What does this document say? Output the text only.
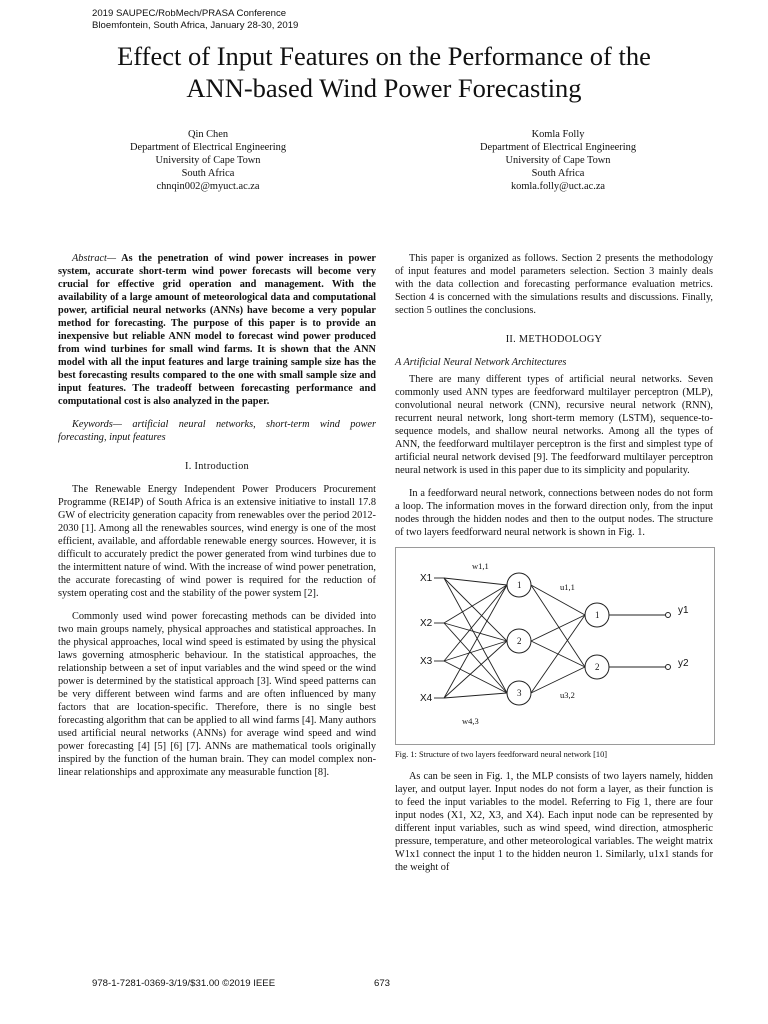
2019 SAUPEC/RobMech/PRASA Conference
Bloemfontein, South Africa, January 28-30, 2019
Effect of Input Features on the Performance of the
ANN-based Wind Power Forecasting
Qin Chen
Department of Electrical Engineering
University of Cape Town
South Africa
chnqin002@myuct.ac.za
Komla Folly
Department of Electrical Engineering
University of Cape Town
South Africa
komla.folly@uct.ac.za

Abstract— As the penetration of wind power increases in power system, accurate short-term wind power forecasts will become very crucial for effective grid operation and management. With the availability of a large amount of meteorological data and computational power, artificial neural networks (ANNs) have become a very popular method for forecasting. The purpose of this paper is to provide an inexpensive but reliable ANN model to forecast wind power produced from wind turbines for small wind farms. It is shown that the ANN model with all the input features and large training sample size has the best forecasting results compared to the one with small sample size and input features. The tradeoff between forecasting performance and computational cost is also analyzed in the paper.

Keywords— artificial neural networks, short-term wind power forecasting, input features

I. Introduction

The Renewable Energy Independent Power Producers Procurement Programme (REI4P) of South Africa is an extensive initiative to install 17.8 GW of electricity generation capacity from renewables over the period 2012-2030 [1]. Among all the renewables sources, wind energy is one of the most efficient, available, and affordable renewable energy sources. However, it is difficult to accurately predict the power generated from wind turbines due to the intermittent nature of wind. With the increase of wind power penetration, the accurate forecasting of wind power is required for the reduction of system operating cost and the stability of the power system [2].

Commonly used wind power forecasting methods can be divided into two main groups namely, physical approaches and statistical approaches. In the physical approaches, local wind speed is estimated by using the physical laws governing atmospheric behaviour. In the statistical approaches, the relationship between a set of input variables and the wind speed or the wind power is determined by the statistical approach [3]. Wind speed patterns can be very different between wind farms and are often influenced by many factors that are location-specific. Therefore, there is no single best forecasting algorithm that can be applied to all wind farms [4]. Many authors used artificial neural networks (ANNs) for average wind speed and wind power forecasting [4] [5] [6] [7]. ANNs are mathematical tools originally inspired by the function of the human brain. They can model complex non-linear relationships and approximate any measurable function [8].

This paper is organized as follows. Section 2 presents the methodology of input features and model parameters selection. Section 3 mainly deals with the data collection and forecasting performance evaluation metrics. Section 4 is concerned with the simulations results and discussions. Finally, section 5 outlines the conclusions.

II. METHODOLOGY
A Artificial Neural Network Architectures

There are many different types of artificial neural networks. Seven commonly used ANN types are feedforward multilayer perceptron (MLP), convolutional neural network (CNN), recursive neural network (RNN), recurrent neural network, long short-term memory (LSTM), sequence-to-sequence models, and shallow neural networks. Among all the types of ANN, the feedforward multilayer perceptron is the first and simplest type of artificial neural network devised [9]. The feedforward multilayer perceptron neural network is used in this paper due to its simplicity and popularity.

In a feedforward neural network, connections between nodes do not form a loop. The information moves in the forward direction only, from the input nodes through the hidden nodes and then to the output nodes. The structure of two layers feedforward neural network is shown in Fig. 1.

X1
X2
X3
X4
1
2
3
1
2
y1
y2
w1,1
w4,3
u1,1
u3,2

Fig. 1: Structure of two layers feedforward neural network [10]

As can be seen in Fig. 1, the MLP consists of two layers namely, hidden layer, and output layer. Input nodes do not form a layer, as their function is to feed the input variables to the model. Referring to Fig 1, there are four input nodes (X1, X2, X3, and X4). Each input node can be represented by different input variables, such as wind speed, wind direction, atmospheric pressure, temperature, and other meteorological variables. The weight matrix W1x1 connect the input 1 to the hidden neuron 1. Similarly, u1x1 stands for the weight of

978-1-7281-0369-3/19/$31.00 ©2019 IEEE	673
